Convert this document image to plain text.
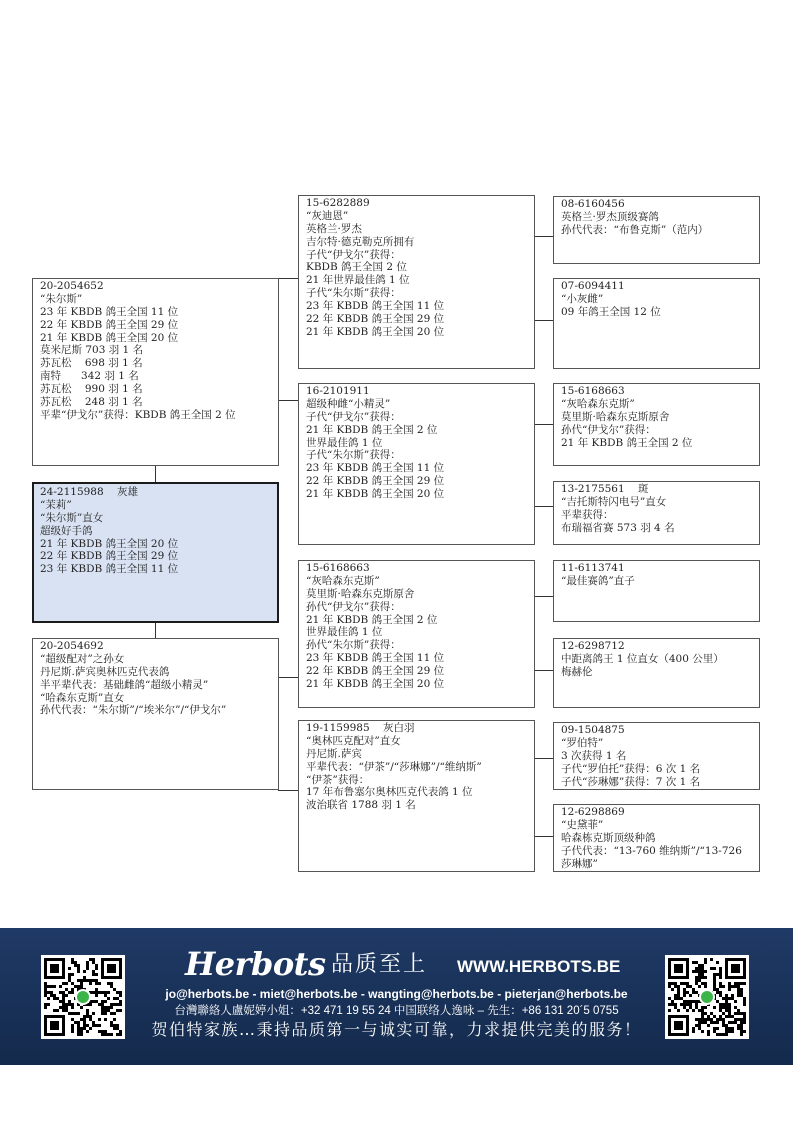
24-2115988    灰雄
“茉莉”
“朱尔斯”直女
超级好手鸽
21 年 KBDB 鸽王全国 20 位
22 年 KBDB 鸽王全国 29 位
23 年 KBDB 鸽王全国 11 位
20-2054652
“朱尔斯”
23 年 KBDB 鸽王全国 11 位
22 年 KBDB 鸽王全国 29 位
21 年 KBDB 鸽王全国 20 位
莫米尼斯 703 羽 1 名
苏瓦松    698 羽 1 名
南特      342 羽 1 名
苏瓦松    990 羽 1 名
苏瓦松    248 羽 1 名
平辈“伊戈尔”获得：KBDB 鸽王全国 2 位
20-2054692
“超级配对”之孙女
丹尼斯.萨宾奥林匹克代表鸽
半平辈代表：基础雌鸽“超级小精灵”
“哈森东克斯”直女
孙代代表：“朱尔斯”/“埃米尔”/“伊戈尔”
15-6282889
“灰迪恩”
英格兰·罗杰
吉尔特·德克勒克所拥有
子代“伊戈尔”获得：
KBDB 鸽王全国 2 位
21 年世界最佳鸽 1 位
子代“朱尔斯”获得：
23 年 KBDB 鸽王全国 11 位
22 年 KBDB 鸽王全国 29 位
21 年 KBDB 鸽王全国 20 位
16-2101911
超级种雌“小精灵”
子代“伊戈尔”获得：
21 年 KBDB 鸽王全国 2 位
世界最佳鸽 1 位
子代“朱尔斯”获得：
23 年 KBDB 鸽王全国 11 位
22 年 KBDB 鸽王全国 29 位
21 年 KBDB 鸽王全国 20 位
15-6168663
“灰哈森东克斯”
莫里斯·哈森东克斯原舍
孙代“伊戈尔”获得：
21 年 KBDB 鸽王全国 2 位
世界最佳鸽 1 位
孙代“朱尔斯”获得：
23 年 KBDB 鸽王全国 11 位
22 年 KBDB 鸽王全国 29 位
21 年 KBDB 鸽王全国 20 位
19-1159985    灰白羽
“奥林匹克配对”直女
丹尼斯.萨宾
平辈代表：“伊茶”/“莎琳娜”/“维纳斯”
“伊茶”获得：
17 年布鲁塞尔奥林匹克代表鸽 1 位
波治联省 1788 羽 1 名
08-6160456
英格兰·罗杰顶级赛鸽
孙代代表：“布鲁克斯”（范内）
07-6094411
“小灰雌”
09 年鸽王全国 12 位
15-6168663
“灰哈森东克斯”
莫里斯·哈森东克斯原舍
孙代“伊戈尔”获得：
21 年 KBDB 鸽王全国 2 位
13-2175561    斑
“吉托斯特闪电号”直女
平辈获得：
布瑞福省赛 573 羽 4 名
11-6113741
“最佳赛鸽”直子
12-6298712
中距离鸽王 1 位直女（400 公里）
梅赫伦
09-1504875
“罗伯特”
3 次获得 1 名
子代“罗伯托”获得：6 次 1 名
子代“莎琳娜”获得：7 次 1 名
12-6298869
“史黛菲”
哈森栋克斯顶级种鸽
子代代表：“13-760 维纳斯”/“13-726
莎琳娜”
Herbots 品质至上 WWW.HERBOTS.BE
jo@herbots.be - miet@herbots.be - wangting@herbots.be - pieterjan@herbots.be
台灣聯絡人盧妮婷小姐：+32 471 19 55 24 中国联络人逸咏 – 先生：+86 131 20´5 0755
贺伯特家族…秉持品质第一与诚实可靠，力求提供完美的服务！
